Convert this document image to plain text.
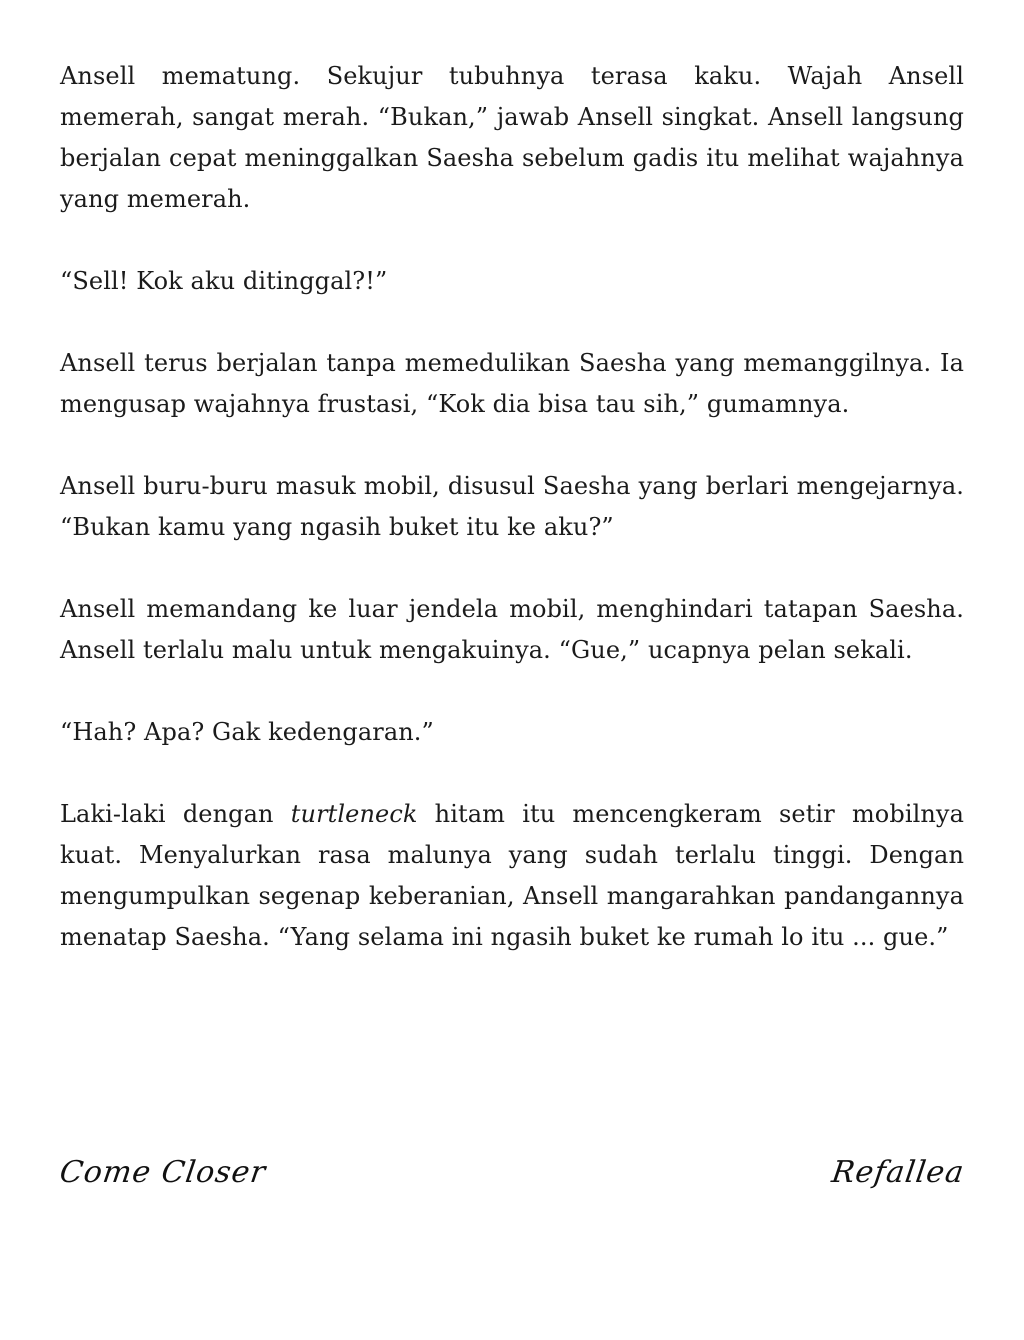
Ansell mematung. Sekujur tubuhnya terasa kaku. Wajah Ansell memerah, sangat merah. “Bukan,” jawab Ansell singkat. Ansell langsung berjalan cepat meninggalkan Saesha sebelum gadis itu melihat wajahnya yang memerah.

“Sell! Kok aku ditinggal?!”

Ansell terus berjalan tanpa memedulikan Saesha yang memanggilnya. Ia mengusap wajahnya frustasi, “Kok dia bisa tau sih,” gumamnya.

Ansell buru-buru masuk mobil, disusul Saesha yang berlari mengejarnya. “Bukan kamu yang ngasih buket itu ke aku?”

Ansell memandang ke luar jendela mobil, menghindari tatapan Saesha. Ansell terlalu malu untuk mengakuinya. “Gue,” ucapnya pelan sekali.

“Hah? Apa? Gak kedengaran.”

Laki-laki dengan turtleneck hitam itu mencengkeram setir mobilnya kuat. Menyalurkan rasa malunya yang sudah terlalu tinggi. Dengan mengumpulkan segenap keberanian, Ansell mangarahkan pandangannya menatap Saesha. “Yang selama ini ngasih buket ke rumah lo itu ... gue.”

Come Closer	Refallea
